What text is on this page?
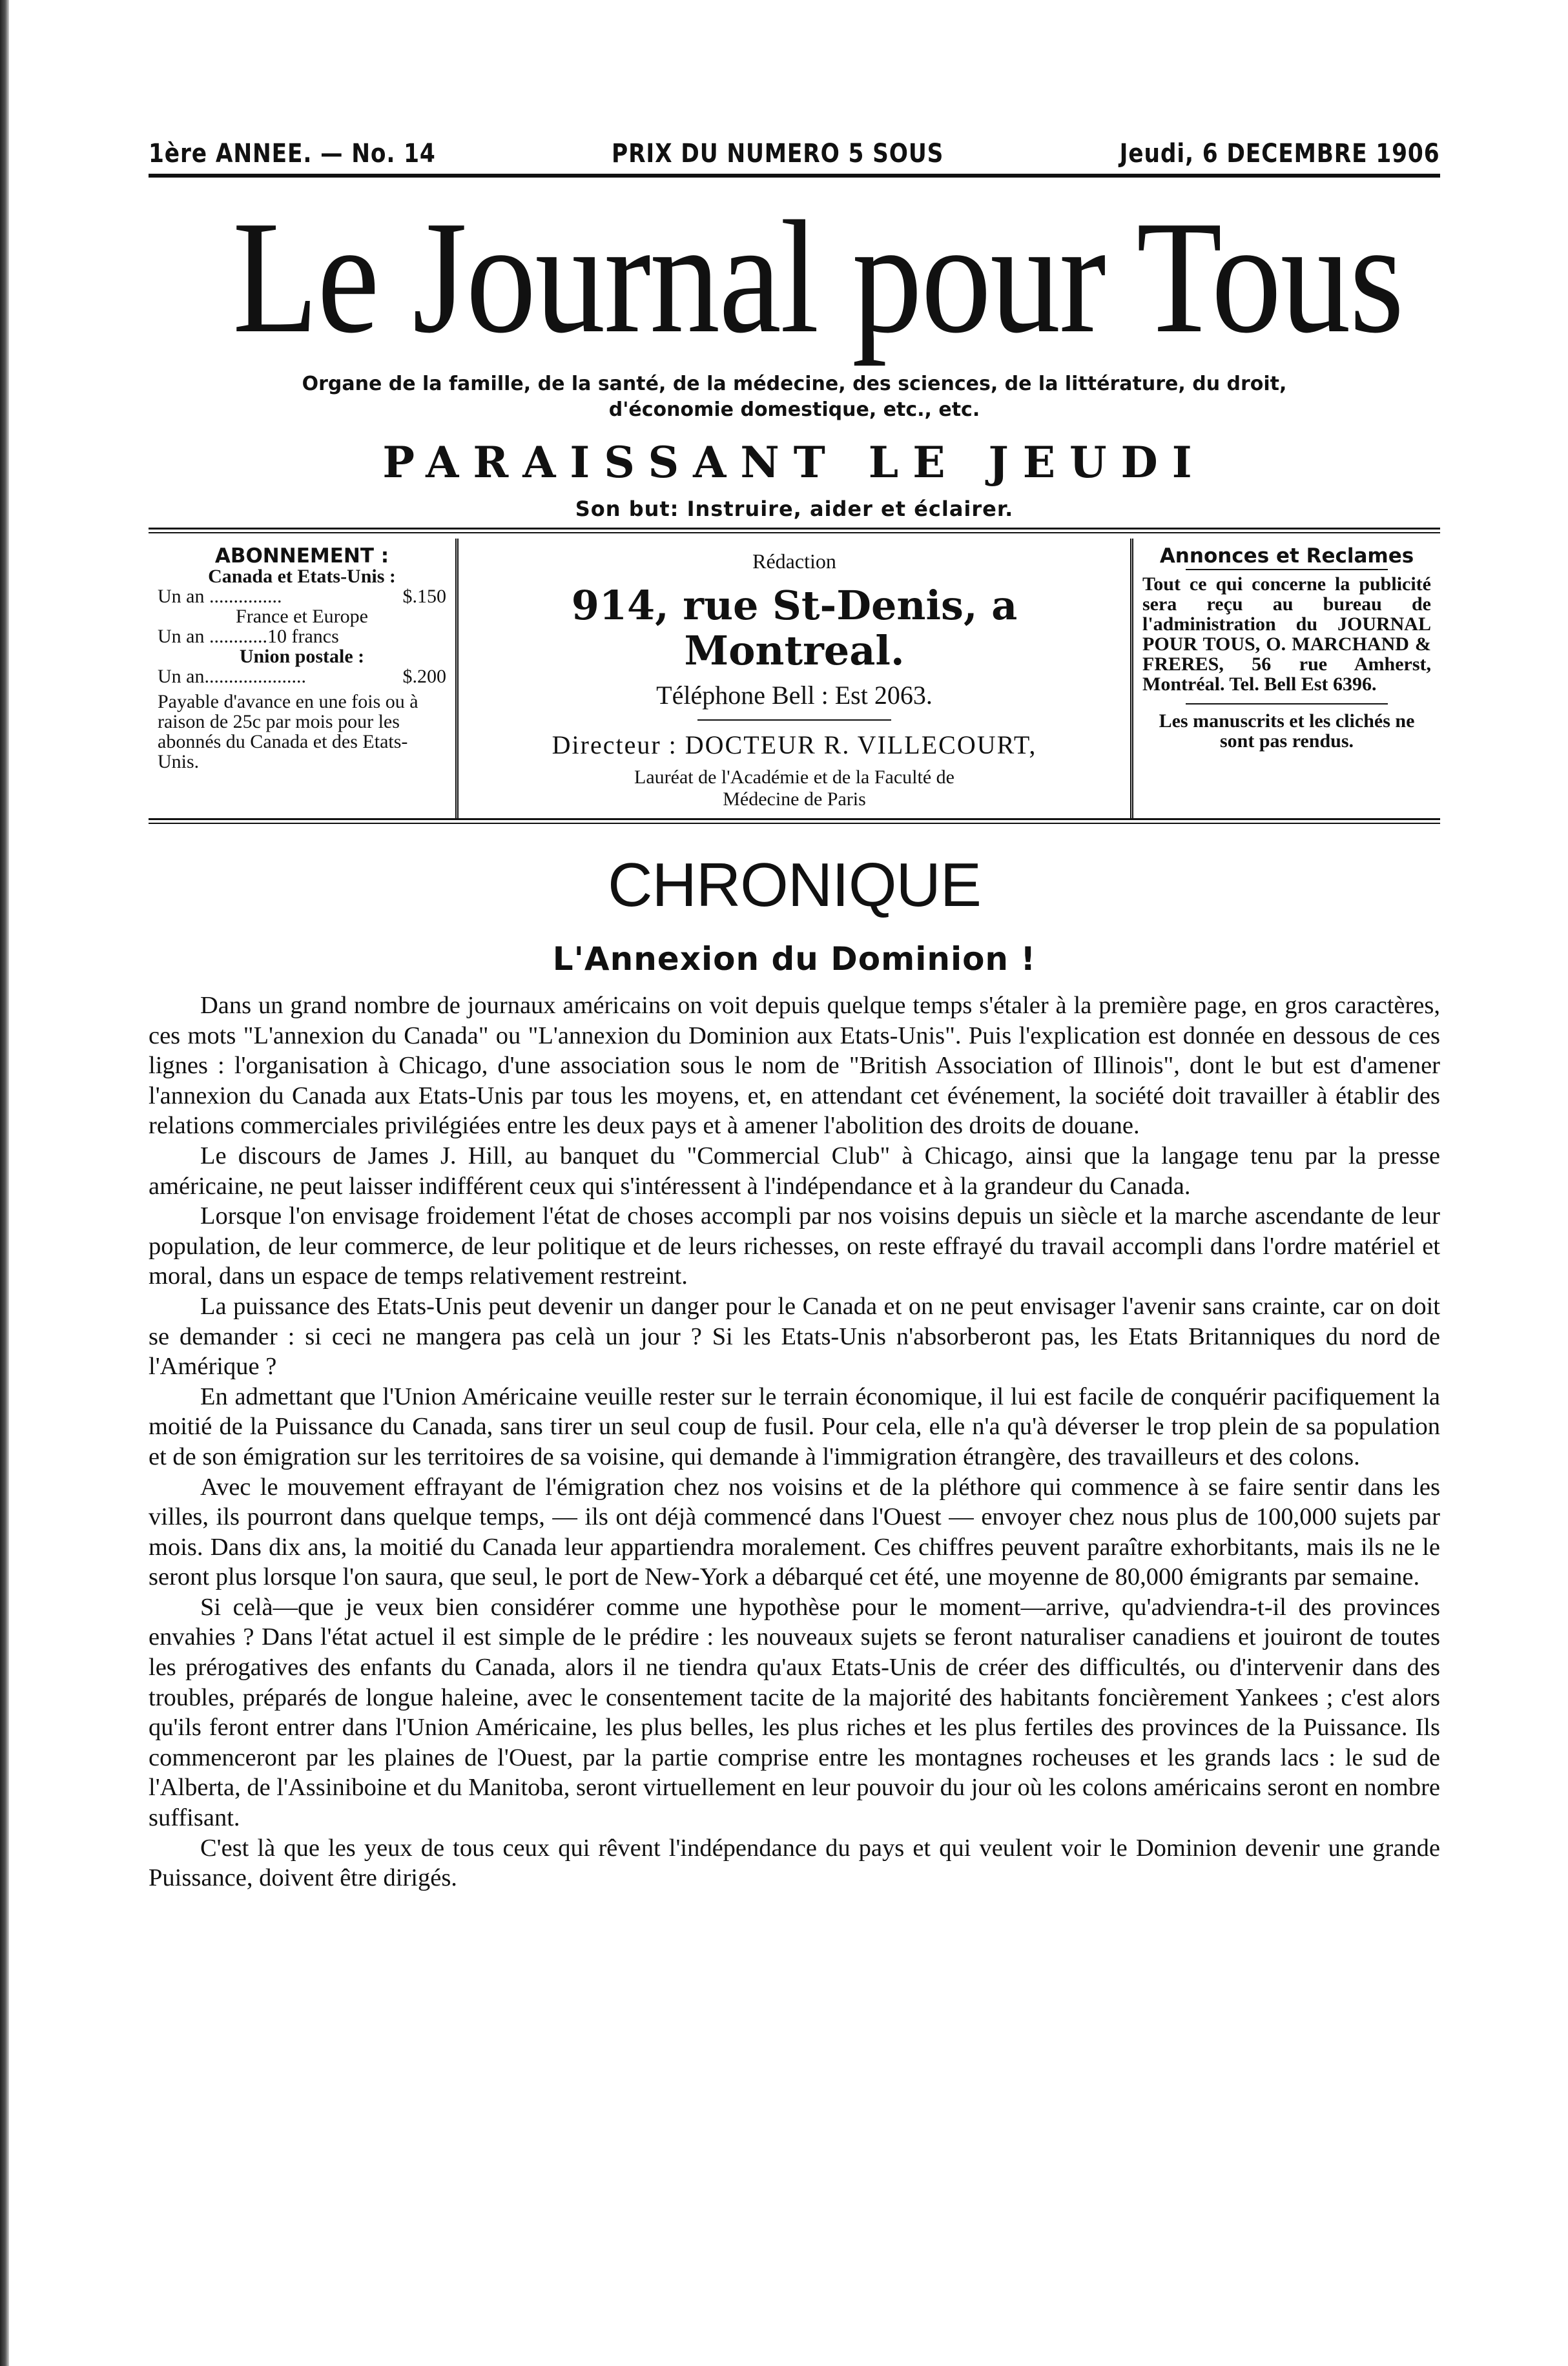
1ère ANNEE. — No. 14	PRIX DU NUMERO 5 SOUS	Jeudi, 6 DECEMBRE 1906
Le Journal pour Tous
Organe de la famille, de la santé, de la médecine, des sciences, de la littérature, du droit,
d'économie domestique, etc., etc.
PARAISSANT LE JEUDI
Son but: Instruire, aider et éclairer.
ABONNEMENT :
Canada et Etats-Unis :
Un an ...............	$.150
France et Europe
Un an ............10 francs
Union postale :
Un an.....................	$.200
Payable d'avance en une fois ou à raison de 25c par mois pour les abonnés du Canada et des Etats-Unis.
Rédaction
914, rue St-Denis, a Montreal.
Téléphone Bell : Est 2063.
Directeur : DOCTEUR R. VILLECOURT,
Lauréat de l'Académie et de la Faculté de
Médecine de Paris
Annonces et Reclames
Tout ce qui concerne la publicité sera reçu au bureau de l'administration du JOURNAL POUR TOUS, O. MARCHAND & FRERES, 56 rue Amherst, Montréal. Tel. Bell Est 6396.
Les manuscrits et les clichés ne sont pas rendus.
CHRONIQUE
L'Annexion du Dominion !

Dans un grand nombre de journaux américains on voit depuis quelque temps s'étaler à la première page, en gros caractères, ces mots "L'annexion du Canada" ou "L'annexion du Dominion aux Etats-Unis". Puis l'explication est donnée en dessous de ces lignes : l'organisation à Chicago, d'une association sous le nom de "British Association of Illinois", dont le but est d'amener l'annexion du Canada aux Etats-Unis par tous les moyens, et, en attendant cet événement, la société doit travailler à établir des relations commerciales privilégiées entre les deux pays et à amener l'abolition des droits de douane.

Le discours de James J. Hill, au banquet du "Commercial Club" à Chicago, ainsi que la langage tenu par la presse américaine, ne peut laisser indifférent ceux qui s'intéressent à l'indépendance et à la grandeur du Canada.

Lorsque l'on envisage froidement l'état de choses accompli par nos voisins depuis un siècle et la marche ascendante de leur population, de leur commerce, de leur politique et de leurs richesses, on reste effrayé du travail accompli dans l'ordre matériel et moral, dans un espace de temps relativement restreint.

La puissance des Etats-Unis peut devenir un danger pour le Canada et on ne peut envisager l'avenir sans crainte, car on doit se demander : si ceci ne mangera pas celà un jour ? Si les Etats-Unis n'absorberont pas, les Etats Britanniques du nord de l'Amérique ?

En admettant que l'Union Américaine veuille rester sur le terrain économique, il lui est facile de conquérir pacifiquement la moitié de la Puissance du Canada, sans tirer un seul coup de fusil. Pour cela, elle n'a qu'à déverser le trop plein de sa population et de son émigration sur les territoires de sa voisine, qui demande à l'immigration étrangère, des travailleurs et des colons.

Avec le mouvement effrayant de l'émigration chez nos voisins et de la pléthore qui commence à se faire sentir dans les villes, ils pourront dans quelque temps, — ils ont déjà commencé dans l'Ouest — envoyer chez nous plus de 100,000 sujets par mois. Dans dix ans, la moitié du Canada leur appartiendra moralement. Ces chiffres peuvent paraître exhorbitants, mais ils ne le seront plus lorsque l'on saura, que seul, le port de New-York a débarqué cet été, une moyenne de 80,000 émigrants par semaine.

Si celà—que je veux bien considérer comme une hypothèse pour le moment—arrive, qu'adviendra-t-il des provinces envahies ? Dans l'état actuel il est simple de le prédire : les nouveaux sujets se feront naturaliser canadiens et jouiront de toutes les prérogatives des enfants du Canada, alors il ne tiendra qu'aux Etats-Unis de créer des difficultés, ou d'intervenir dans des troubles, préparés de longue haleine, avec le consentement tacite de la majorité des habitants foncièrement Yankees ; c'est alors qu'ils feront entrer dans l'Union Américaine, les plus belles, les plus riches et les plus fertiles des provinces de la Puissance. Ils commenceront par les plaines de l'Ouest, par la partie comprise entre les montagnes rocheuses et les grands lacs : le sud de l'Alberta, de l'Assiniboine et du Manitoba, seront virtuellement en leur pouvoir du jour où les colons américains seront en nombre suffisant.

C'est là que les yeux de tous ceux qui rêvent l'indépendance du pays et qui veulent voir le Dominion devenir une grande Puissance, doivent être dirigés.
